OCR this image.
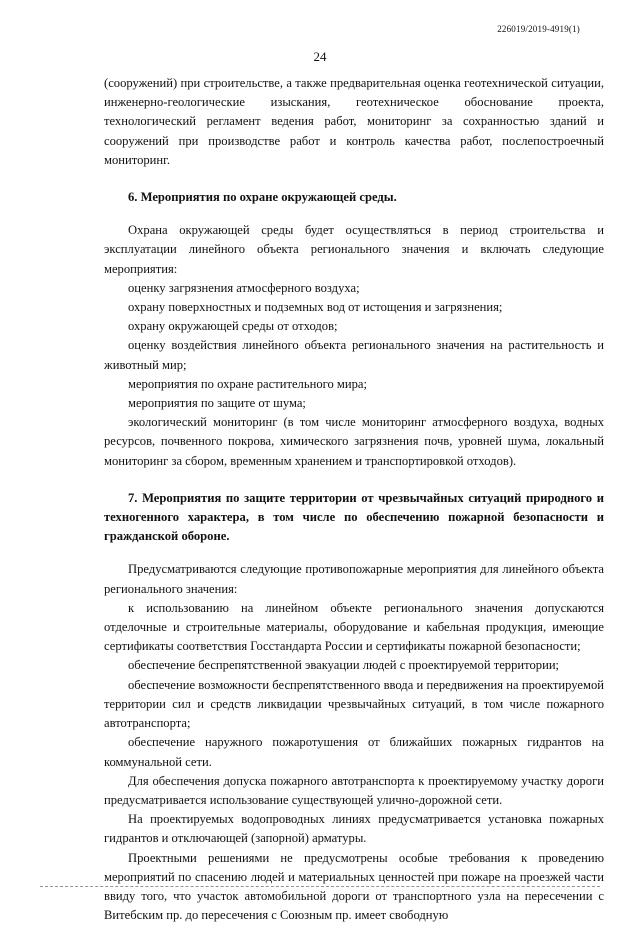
226019/2019-4919(1)
24

(сооружений) при строительстве, а также предварительная оценка геотехнической ситуации, инженерно-геологические изыскания, геотехническое обоснование проекта, технологический регламент ведения работ, мониторинг за сохранностью зданий и сооружений при производстве работ и контроль качества работ, послепостроечный мониторинг.

6. Мероприятия по охране окружающей среды.

Охрана окружающей среды будет осуществляться в период строительства и эксплуатации линейного объекта регионального значения и включать следующие мероприятия:

оценку загрязнения атмосферного воздуха;

охрану поверхностных и подземных вод от истощения и загрязнения;

охрану окружающей среды от отходов;

оценку воздействия линейного объекта регионального значения на растительность и животный мир;

мероприятия по охране растительного мира;

мероприятия по защите от шума;

экологический мониторинг (в том числе мониторинг атмосферного воздуха, водных ресурсов, почвенного покрова, химического загрязнения почв, уровней шума, локальный мониторинг за сбором, временным хранением и транспортировкой отходов).

7. Мероприятия по защите территории от чрезвычайных ситуаций природного и техногенного характера, в том числе по обеспечению пожарной безопасности и гражданской обороне.

Предусматриваются следующие противопожарные мероприятия для линейного объекта регионального значения:

к использованию на линейном объекте регионального значения допускаются отделочные и строительные материалы, оборудование и кабельная продукция, имеющие сертификаты соответствия Госстандарта России и сертификаты пожарной безопасности;

обеспечение беспрепятственной эвакуации людей с проектируемой территории;

обеспечение возможности беспрепятственного ввода и передвижения на проектируемой территории сил и средств ликвидации чрезвычайных ситуаций, в том числе пожарного автотранспорта;

обеспечение наружного пожаротушения от ближайших пожарных гидрантов на коммунальной сети.

Для обеспечения допуска пожарного автотранспорта к проектируемому участку дороги предусматривается использование существующей улично-дорожной сети.

На проектируемых водопроводных линиях предусматривается установка пожарных гидрантов и отключающей (запорной) арматуры.

Проектными решениями не предусмотрены особые требования к проведению мероприятий по спасению людей и материальных ценностей при пожаре на проезжей части ввиду того, что участок автомобильной дороги от транспортного узла на пересечении с Витебским пр. до пересечения с Союзным пр. имеет свободную
